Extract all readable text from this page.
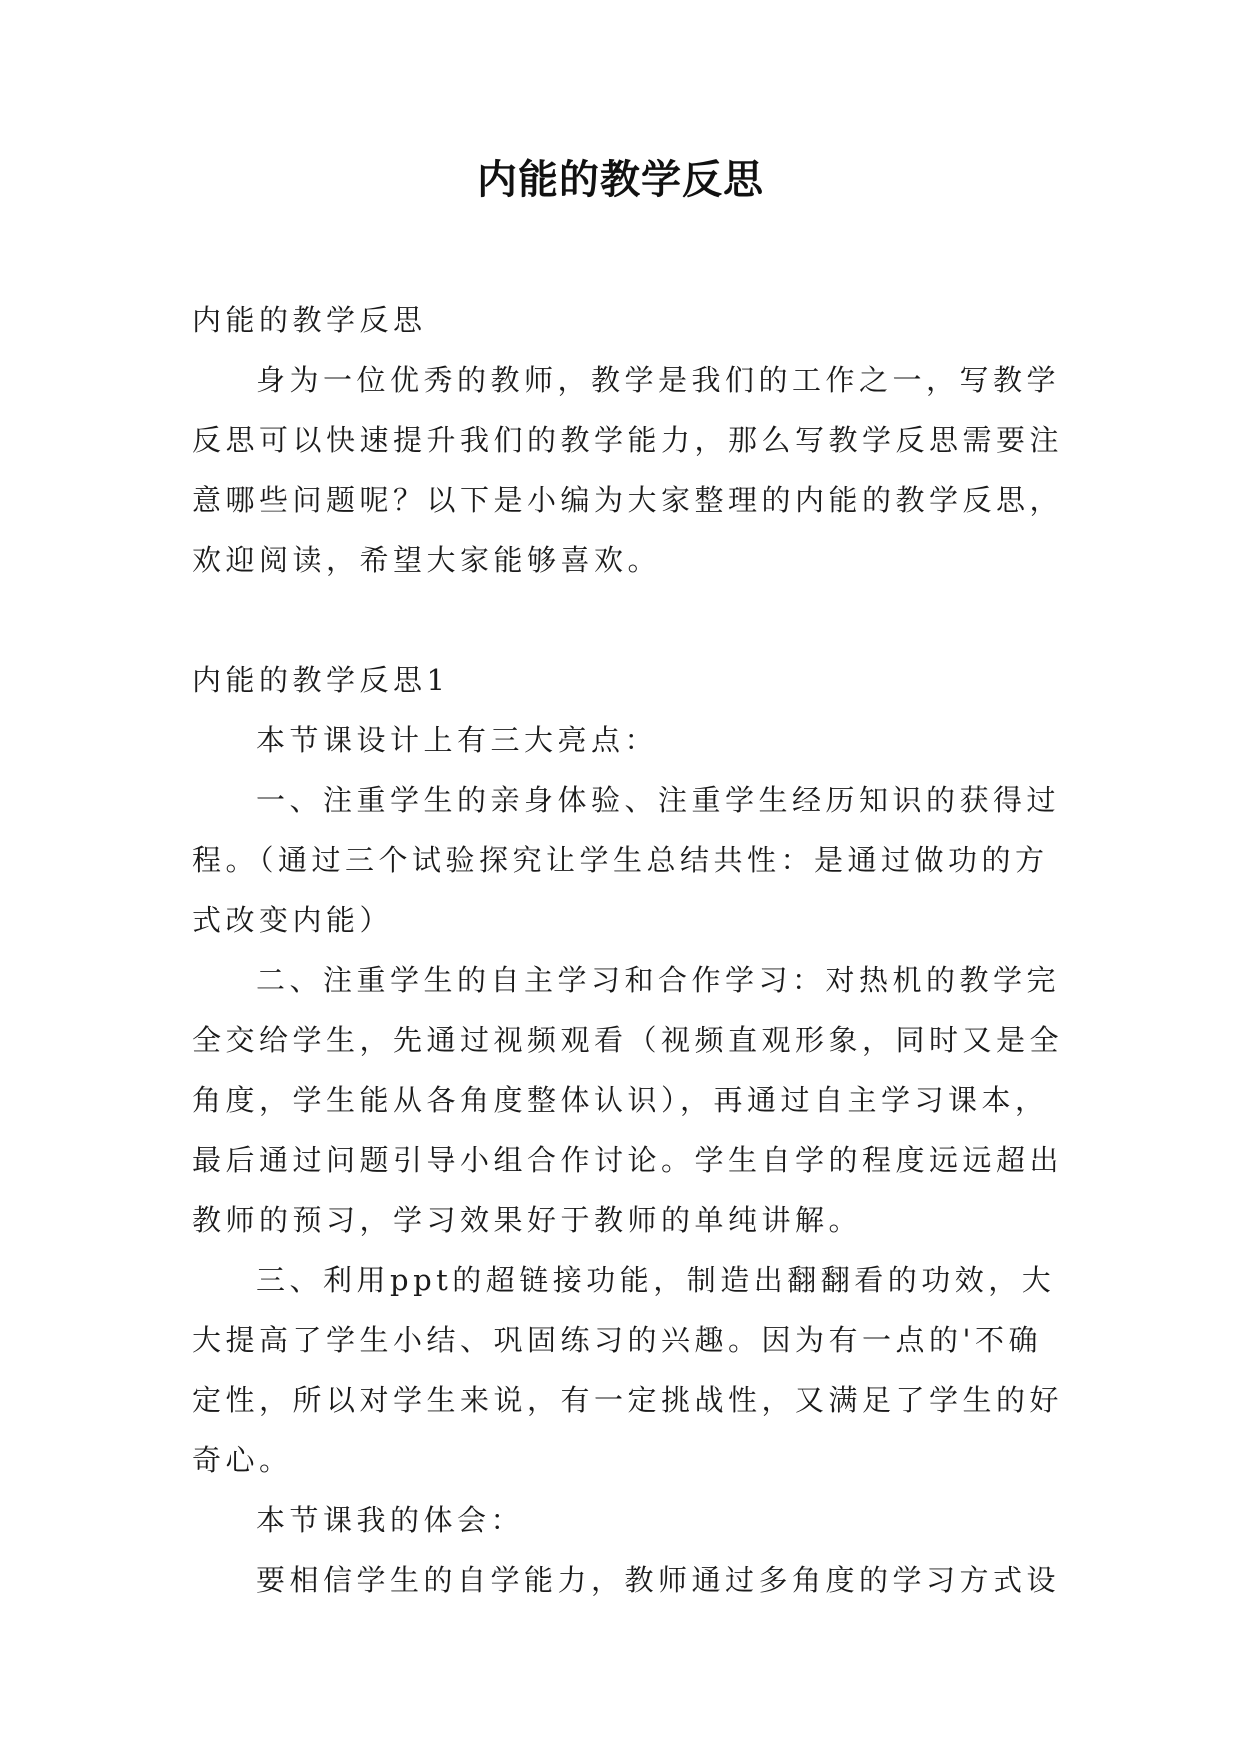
内能的教学反思
内能的教学反思
身为一位优秀的教师，教学是我们的工作之一，写教学
反思可以快速提升我们的教学能力，那么写教学反思需要注
意哪些问题呢？以下是小编为大家整理的内能的教学反思，
欢迎阅读，希望大家能够喜欢。
内能的教学反思1
本节课设计上有三大亮点：
一、注重学生的亲身体验、注重学生经历知识的获得过
程。（通过三个试验探究让学生总结共性：是通过做功的方
式改变内能）
二、注重学生的自主学习和合作学习：对热机的教学完
全交给学生，先通过视频观看（视频直观形象，同时又是全
角度，学生能从各角度整体认识），再通过自主学习课本，
最后通过问题引导小组合作讨论。学生自学的程度远远超出
教师的预习，学习效果好于教师的单纯讲解。
三、利用ppt的超链接功能，制造出翻翻看的功效，大
大提高了学生小结、巩固练习的兴趣。因为有一点的'不确
定性，所以对学生来说，有一定挑战性，又满足了学生的好
奇心。
本节课我的体会：
要相信学生的自学能力，教师通过多角度的学习方式设
